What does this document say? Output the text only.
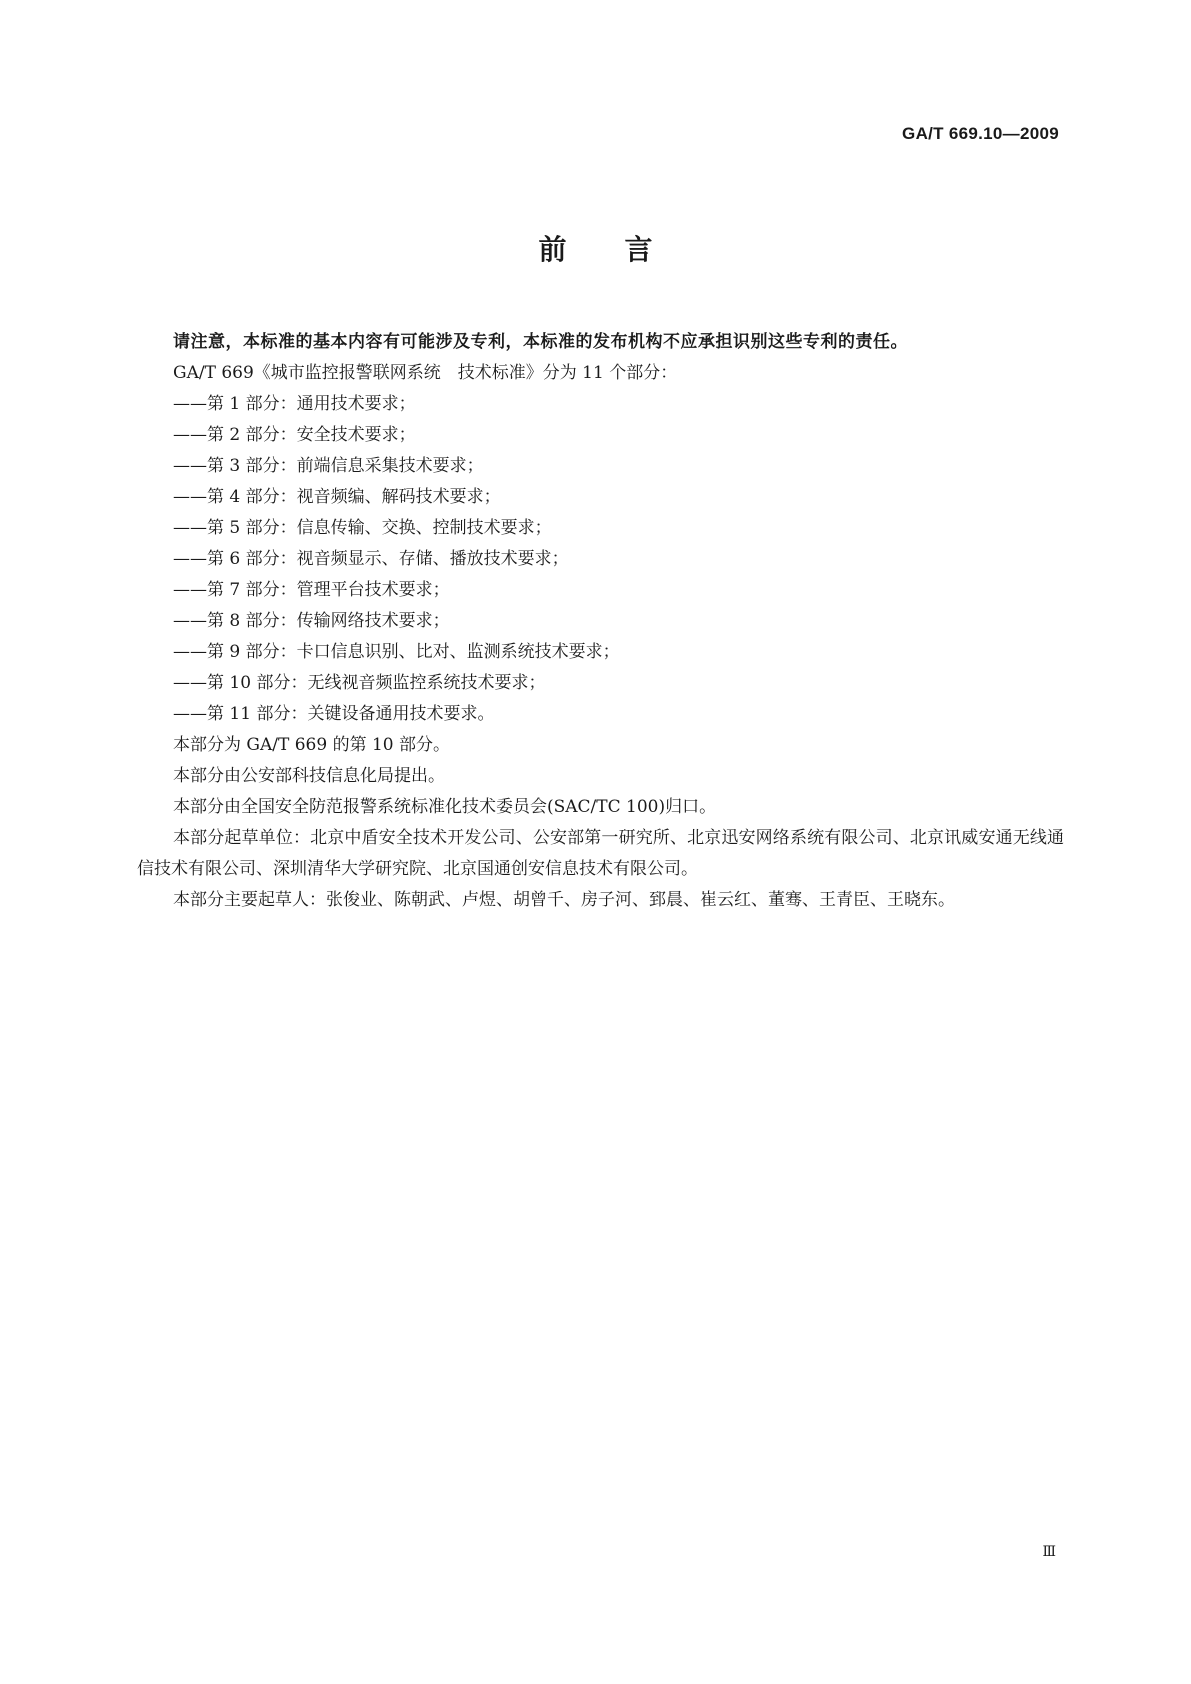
GA/T 669.10—2009
前言

请注意，本标准的基本内容有可能涉及专利，本标准的发布机构不应承担识别这些专利的责任。

GA/T 669《城市监控报警联网系统　技术标准》分为 11 个部分：

——第 1 部分：通用技术要求；
——第 2 部分：安全技术要求；
——第 3 部分：前端信息采集技术要求；
——第 4 部分：视音频编、解码技术要求；
——第 5 部分：信息传输、交换、控制技术要求；
——第 6 部分：视音频显示、存储、播放技术要求；
——第 7 部分：管理平台技术要求；
——第 8 部分：传输网络技术要求；
——第 9 部分：卡口信息识别、比对、监测系统技术要求；
——第 10 部分：无线视音频监控系统技术要求；
——第 11 部分：关键设备通用技术要求。

本部分为 GA/T 669 的第 10 部分。

本部分由公安部科技信息化局提出。

本部分由全国安全防范报警系统标准化技术委员会(SAC/TC 100)归口。

本部分起草单位：北京中盾安全技术开发公司、公安部第一研究所、北京迅安网络系统有限公司、北京讯威安通无线通信技术有限公司、深圳清华大学研究院、北京国通创安信息技术有限公司。

本部分主要起草人：张俊业、陈朝武、卢煜、胡曾千、房子河、郅晨、崔云红、董骞、王青臣、王晓东。

Ⅲ
